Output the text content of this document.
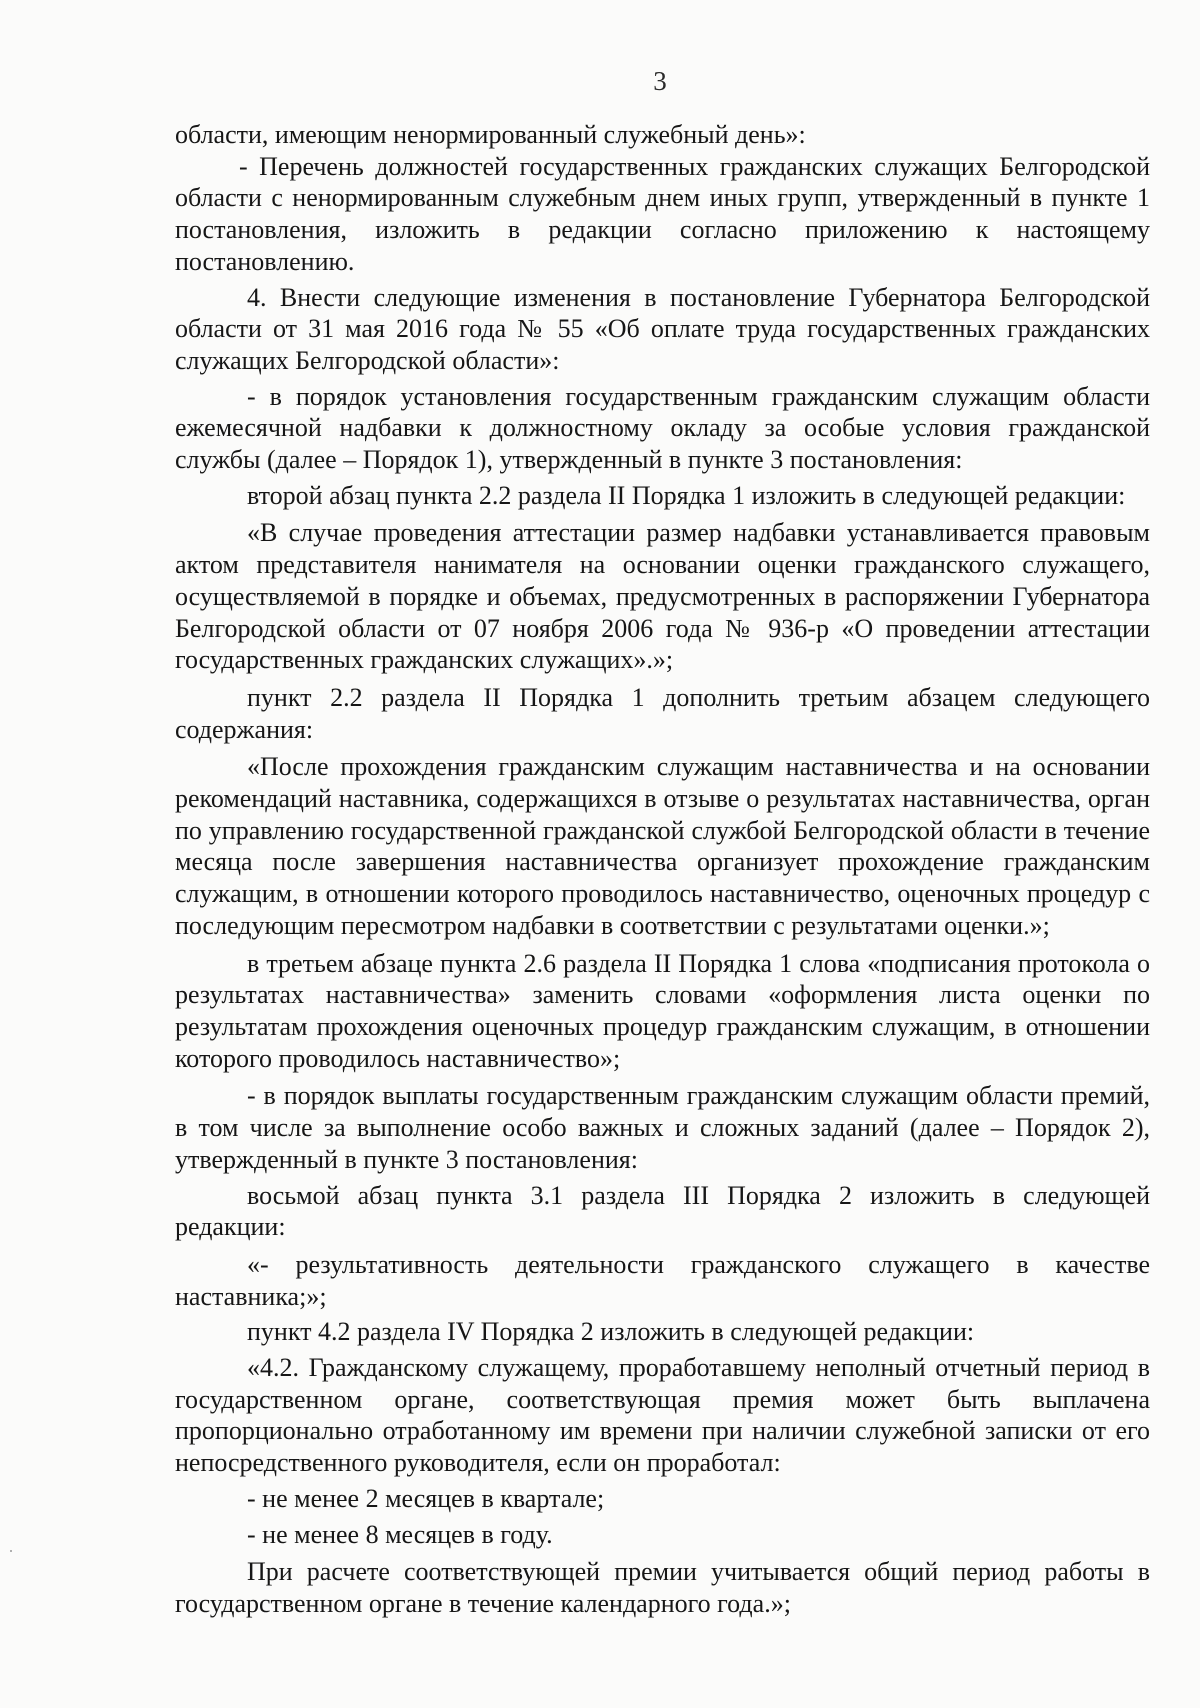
3

области, имеющим ненормированный служебный день»:

- Перечень должностей государственных гражданских служащих Белгородской области с ненормированным служебным днем иных групп, утвержденный в пункте 1 постановления, изложить в редакции согласно приложению к настоящему постановлению.

4. Внести следующие изменения в постановление Губернатора Белгородской области от 31 мая 2016 года № 55 «Об оплате труда государственных гражданских служащих Белгородской области»:

- в порядок установления государственным гражданским служащим области ежемесячной надбавки к должностному окладу за особые условия гражданской службы (далее – Порядок 1), утвержденный в пункте 3 постановления:

второй абзац пункта 2.2 раздела II Порядка 1 изложить в следующей редакции:

«В случае проведения аттестации размер надбавки устанавливается правовым актом представителя нанимателя на основании оценки гражданского служащего, осуществляемой в порядке и объемах, предусмотренных в распоряжении Губернатора Белгородской области от 07 ноября 2006 года № 936-р «О проведении аттестации государственных гражданских служащих».»;

пункт 2.2 раздела II Порядка 1 дополнить третьим абзацем следующего содержания:

«После прохождения гражданским служащим наставничества и на основании рекомендаций наставника, содержащихся в отзыве о результатах наставничества, орган по управлению государственной гражданской службой Белгородской области в течение месяца после завершения наставничества организует прохождение гражданским служащим, в отношении которого проводилось наставничество, оценочных процедур с последующим пересмотром надбавки в соответствии с результатами оценки.»;

в третьем абзаце пункта 2.6 раздела II Порядка 1 слова «подписания протокола о результатах наставничества» заменить словами «оформления листа оценки по результатам прохождения оценочных процедур гражданским служащим, в отношении которого проводилось наставничество»;

- в порядок выплаты государственным гражданским служащим области премий, в том числе за выполнение особо важных и сложных заданий (далее – Порядок 2), утвержденный в пункте 3 постановления:

восьмой абзац пункта 3.1 раздела III Порядка 2 изложить в следующей редакции:

«- результативность деятельности гражданского служащего в качестве наставника;»;

пункт 4.2 раздела IV Порядка 2 изложить в следующей редакции:

«4.2. Гражданскому служащему, проработавшему неполный отчетный период в государственном органе, соответствующая премия может быть выплачена пропорционально отработанному им времени при наличии служебной записки от его непосредственного руководителя, если он проработал:

- не менее 2 месяцев в квартале;

- не менее 8 месяцев в году.

При расчете соответствующей премии учитывается общий период работы в государственном органе в течение календарного года.»;
